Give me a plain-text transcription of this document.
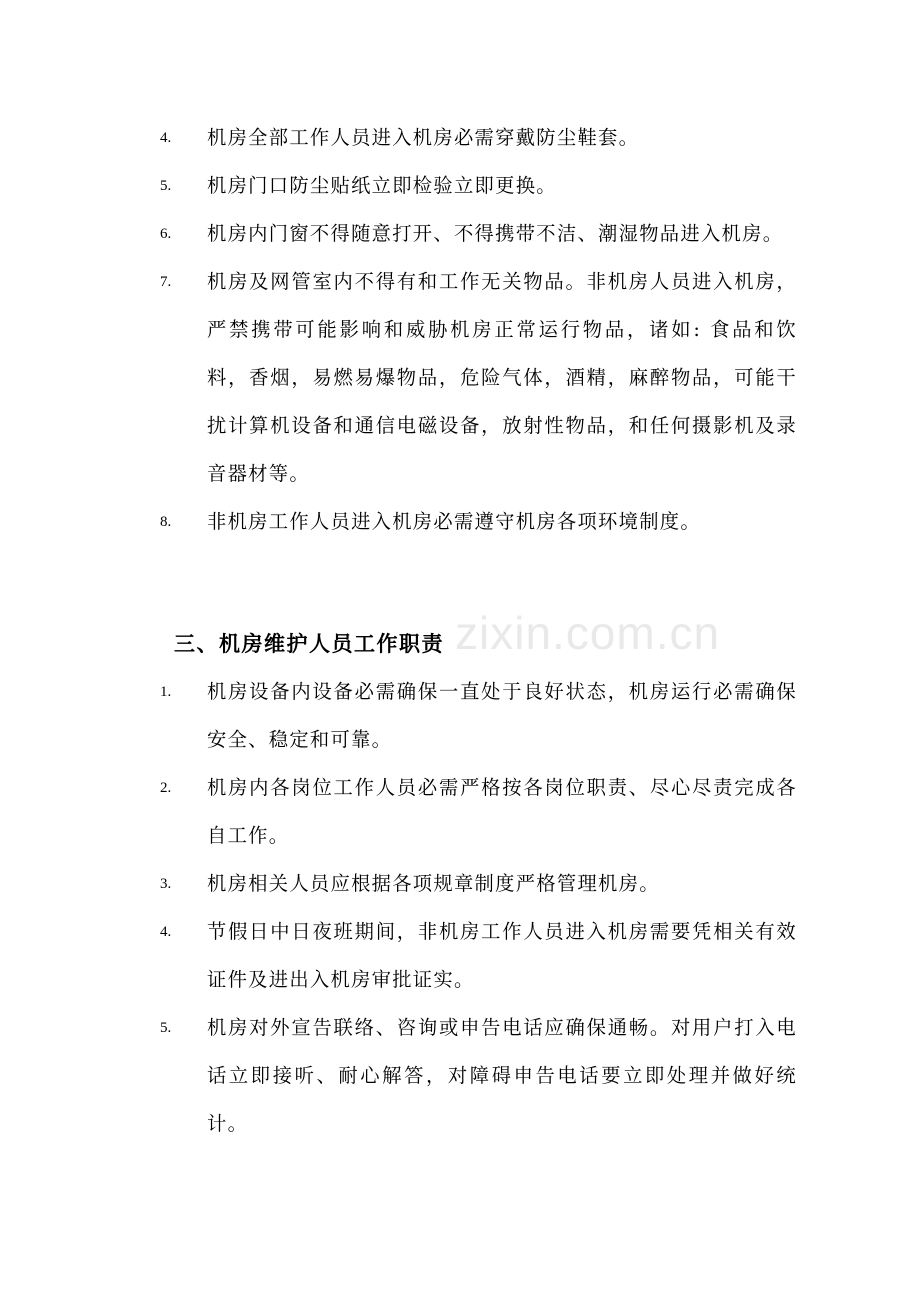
zixin.com.cn
4.	机房全部工作人员进入机房必需穿戴防尘鞋套。
5.	机房门口防尘贴纸立即检验立即更换。
6.	机房内门窗不得随意打开、不得携带不洁、潮湿物品进入机房。
7.	机房及网管室内不得有和工作无关物品。非机房人员进入机房，严禁携带可能影响和威胁机房正常运行物品，诸如: 食品和饮料，香烟，易燃易爆物品，危险气体，酒精，麻醉物品，可能干扰计算机设备和通信电磁设备，放射性物品，和任何摄影机及录音器材等。
8.	非机房工作人员进入机房必需遵守机房各项环境制度。
三、机房维护人员工作职责
1.	机房设备内设备必需确保一直处于良好状态，机房运行必需确保安全、稳定和可靠。
2.	机房内各岗位工作人员必需严格按各岗位职责、尽心尽责完成各自工作。
3.	机房相关人员应根据各项规章制度严格管理机房。
4.	节假日中日夜班期间，非机房工作人员进入机房需要凭相关有效证件及进出入机房审批证实。
5.	机房对外宣告联络、咨询或申告电话应确保通畅。对用户打入电话立即接听、耐心解答，对障碍申告电话要立即处理并做好统计。
